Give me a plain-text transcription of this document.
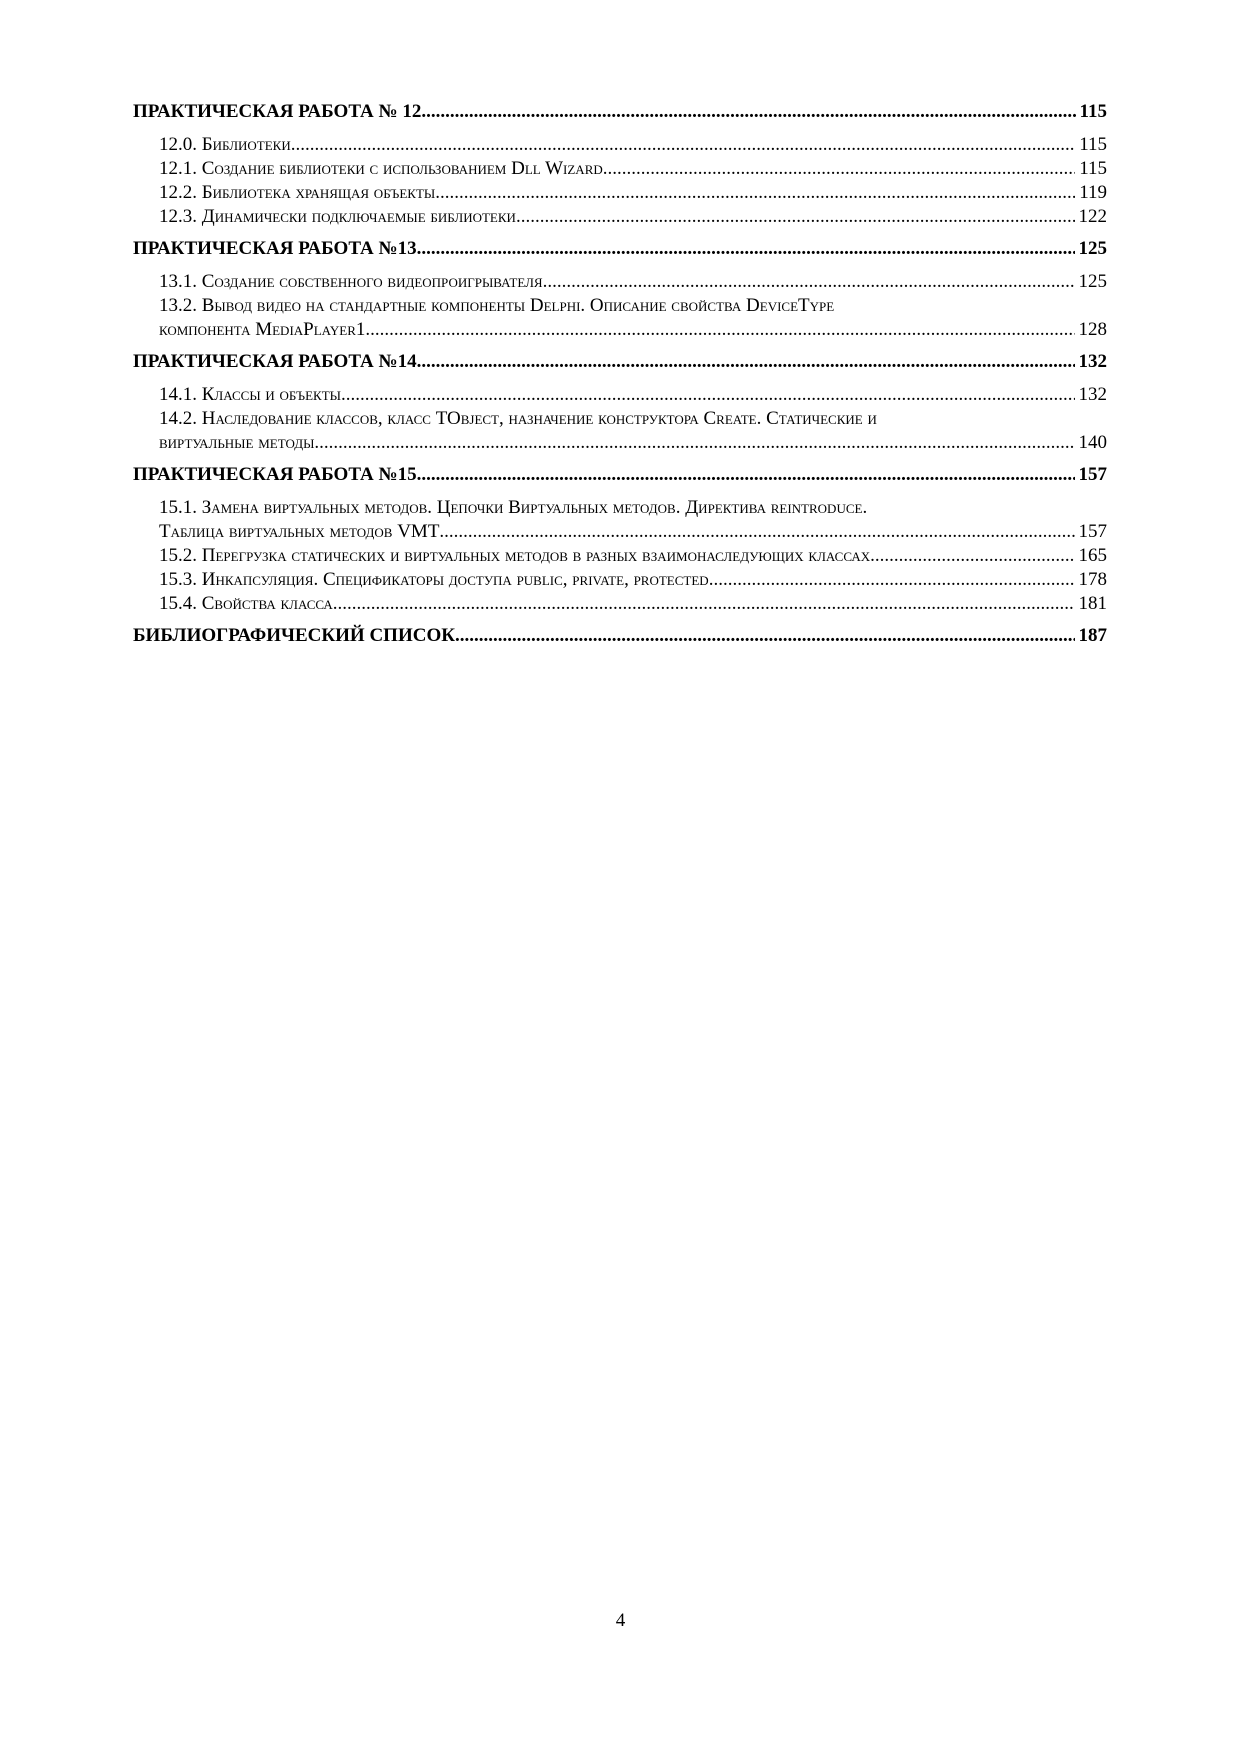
ПРАКТИЧЕСКАЯ РАБОТА № 12 .....	115
12.0. Библиотеки .....	115
12.1. Создание библиотеки с использованием Dll Wizard .....	115
12.2. Библиотека хранящая объекты .....	119
12.3. Динамически подключаемые библиотеки .....	122
ПРАКТИЧЕСКАЯ РАБОТА №13 .....	125
13.1. Создание собственного видеопроигрывателя .....	125
13.2. Вывод видео на стандартные компоненты Delphi. Описание свойства DeviceType
компонента MediaPlayer1 .....	128
ПРАКТИЧЕСКАЯ РАБОТА №14 .....	132
14.1. Классы и объекты .....	132
14.2. Наследование классов, класс TObject, назначение конструктора Create. Статические и
виртуальные методы. .....	140
ПРАКТИЧЕСКАЯ РАБОТА №15 .....	157
15.1. Замена виртуальных методов. Цепочки Виртуальных методов. Директива reintroduce.
Таблица виртуальных методов VMT .....	157
15.2. Перегрузка статических и виртуальных методов в разных взаимонаследующих классах .....	165
15.3. Инкапсуляция. Спецификаторы доступа public, private, protected .....	178
15.4. Свойства класса .....	181
БИБЛИОГРАФИЧЕСКИЙ СПИСОК .....	187
4
